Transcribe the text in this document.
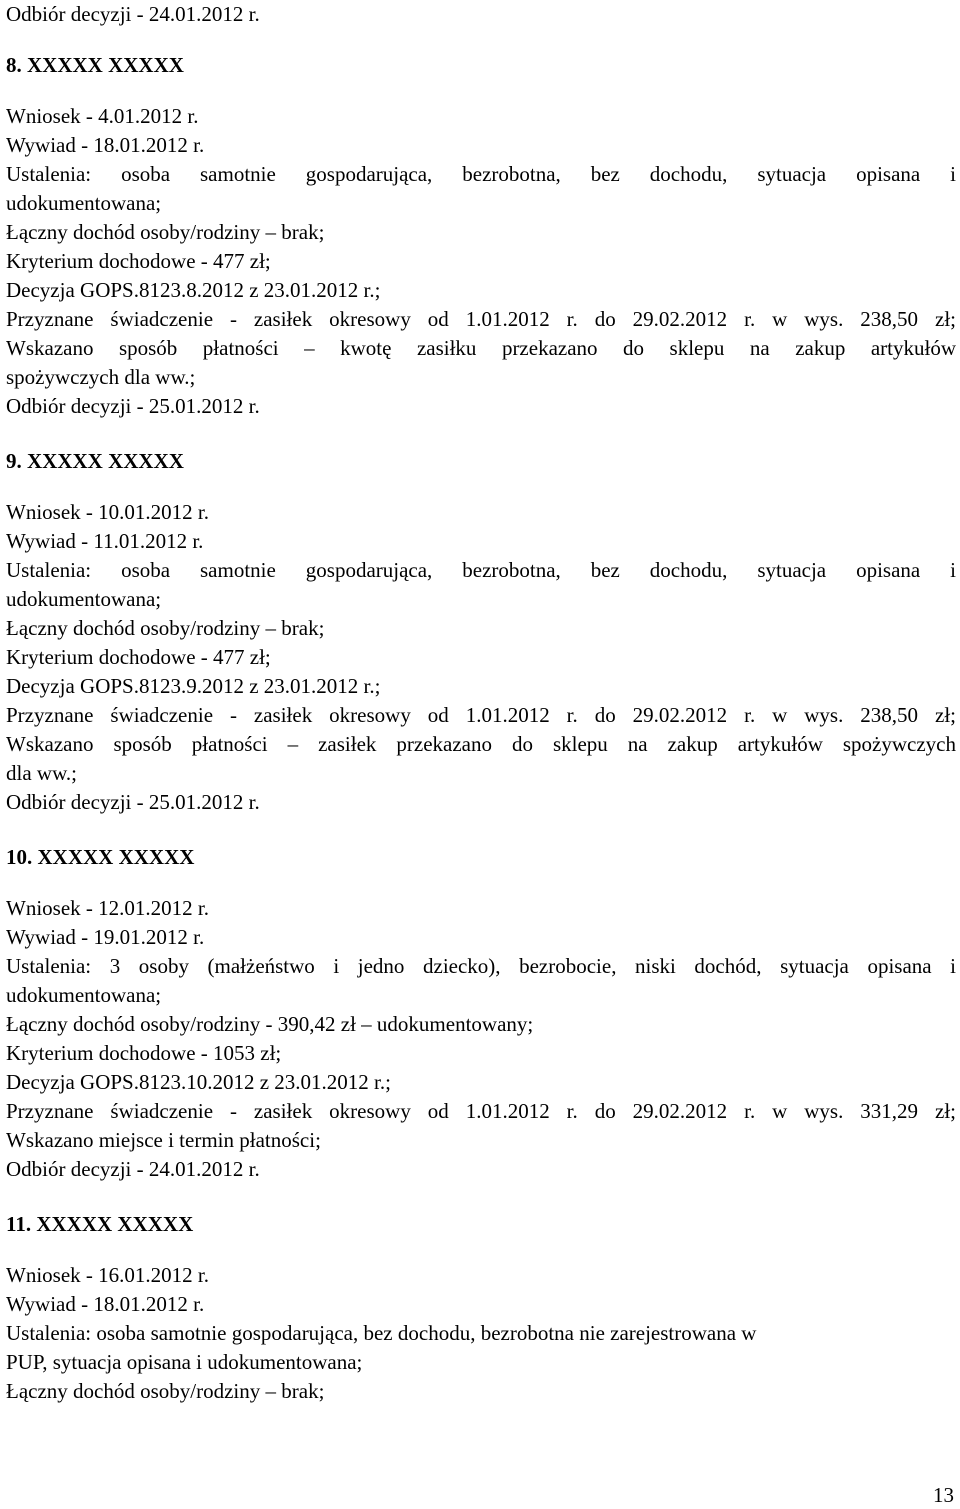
Odbiór decyzji - 24.01.2012 r.
8. XXXXX XXXXX
Wniosek - 4.01.2012 r.
Wywiad - 18.01.2012 r.
Ustalenia: osoba samotnie gospodarująca, bezrobotna, bez dochodu, sytuacja opisana i
udokumentowana;
Łączny dochód osoby/rodziny – brak;
Kryterium dochodowe - 477 zł;
Decyzja GOPS.8123.8.2012 z 23.01.2012 r.;
Przyznane świadczenie - zasiłek okresowy od 1.01.2012 r. do 29.02.2012 r. w wys. 238,50 zł;
Wskazano sposób płatności – kwotę zasiłku przekazano do sklepu na zakup artykułów
spożywczych dla ww.;
Odbiór decyzji - 25.01.2012 r.
9. XXXXX XXXXX
Wniosek - 10.01.2012 r.
Wywiad - 11.01.2012 r.
Ustalenia: osoba samotnie gospodarująca, bezrobotna, bez dochodu, sytuacja opisana i
udokumentowana;
Łączny dochód osoby/rodziny – brak;
Kryterium dochodowe - 477 zł;
Decyzja GOPS.8123.9.2012 z 23.01.2012 r.;
Przyznane świadczenie - zasiłek okresowy od 1.01.2012 r. do 29.02.2012 r. w wys. 238,50 zł;
Wskazano sposób płatności – zasiłek przekazano do sklepu na zakup artykułów spożywczych
dla ww.;
Odbiór decyzji - 25.01.2012 r.
10. XXXXX XXXXX
Wniosek - 12.01.2012 r.
Wywiad - 19.01.2012 r.
Ustalenia: 3 osoby (małżeństwo i jedno dziecko), bezrobocie, niski dochód, sytuacja opisana i
udokumentowana;
Łączny dochód osoby/rodziny - 390,42 zł – udokumentowany;
Kryterium dochodowe - 1053 zł;
Decyzja GOPS.8123.10.2012 z 23.01.2012 r.;
Przyznane świadczenie - zasiłek okresowy od 1.01.2012 r. do 29.02.2012 r. w wys. 331,29 zł;
Wskazano miejsce i termin płatności;
Odbiór decyzji - 24.01.2012 r.
11. XXXXX XXXXX
Wniosek - 16.01.2012 r.
Wywiad - 18.01.2012 r.
Ustalenia: osoba samotnie gospodarująca, bez dochodu, bezrobotna nie zarejestrowana w
PUP, sytuacja opisana i udokumentowana;
Łączny dochód osoby/rodziny – brak;
13
